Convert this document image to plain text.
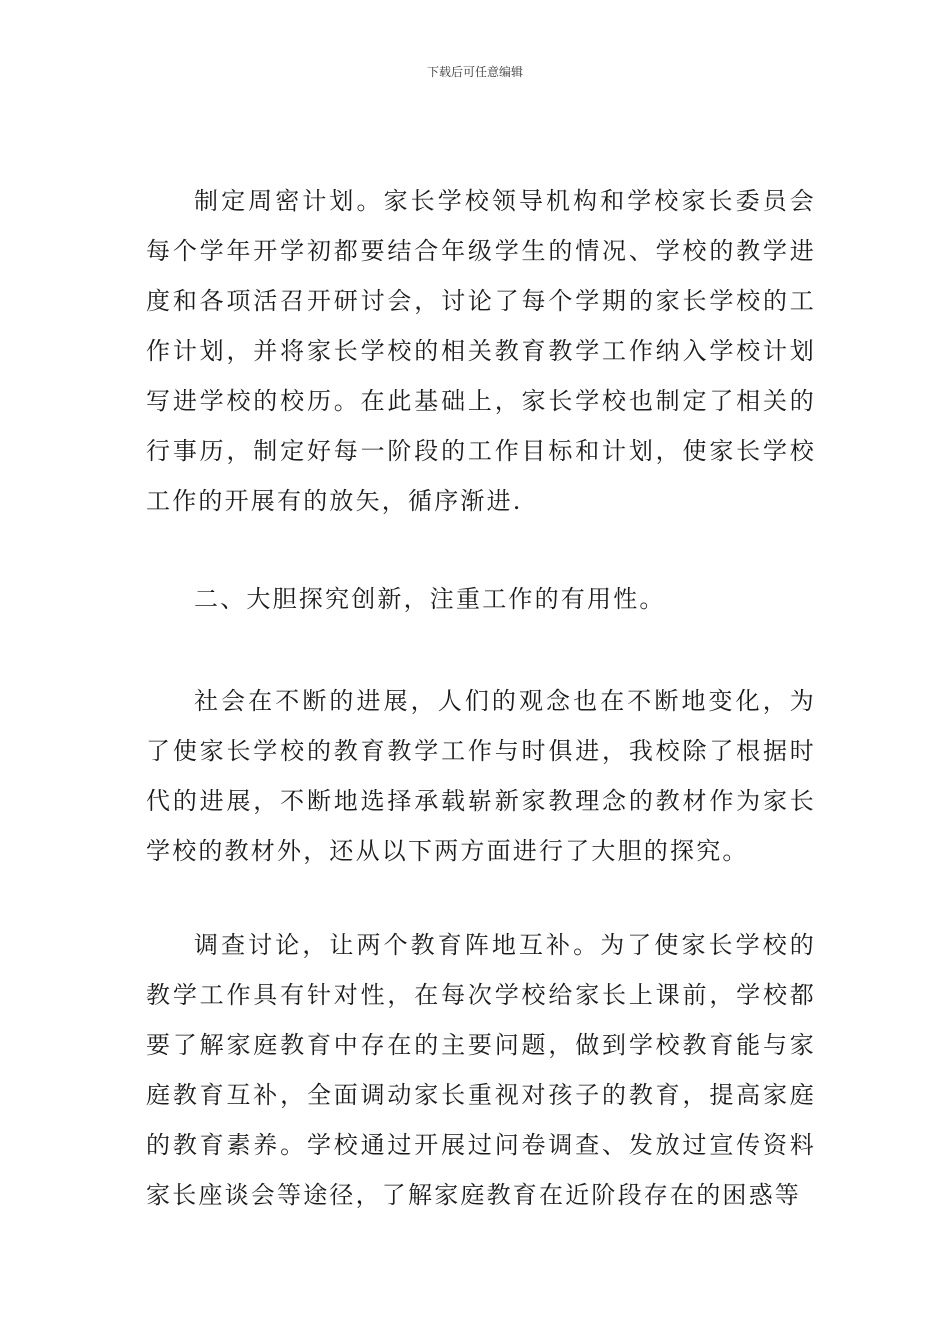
下载后可任意编辑

制定周密计划。家长学校领导机构和学校家长委员会每个学年开学初都要结合年级学生的情况、学校的教学进度和各项活召开研讨会，讨论了每个学期的家长学校的工作计划，并将家长学校的相关教育教学工作纳入学校计划写进学校的校历。在此基础上，家长学校也制定了相关的行事历，制定好每一阶段的工作目标和计划，使家长学校工作的开展有的放矢，循序渐进.

二、大胆探究创新，注重工作的有用性。

社会在不断的进展，人们的观念也在不断地变化，为了使家长学校的教育教学工作与时俱进，我校除了根据时代的进展，不断地选择承载崭新家教理念的教材作为家长学校的教材外，还从以下两方面进行了大胆的探究。

调查讨论，让两个教育阵地互补。为了使家长学校的教学工作具有针对性，在每次学校给家长上课前，学校都要了解家庭教育中存在的主要问题，做到学校教育能与家庭教育互补，全面调动家长重视对孩子的教育，提高家庭的教育素养。学校通过开展过问卷调查、发放过宣传资料家长座谈会等途径，了解家庭教育在近阶段存在的困惑等
